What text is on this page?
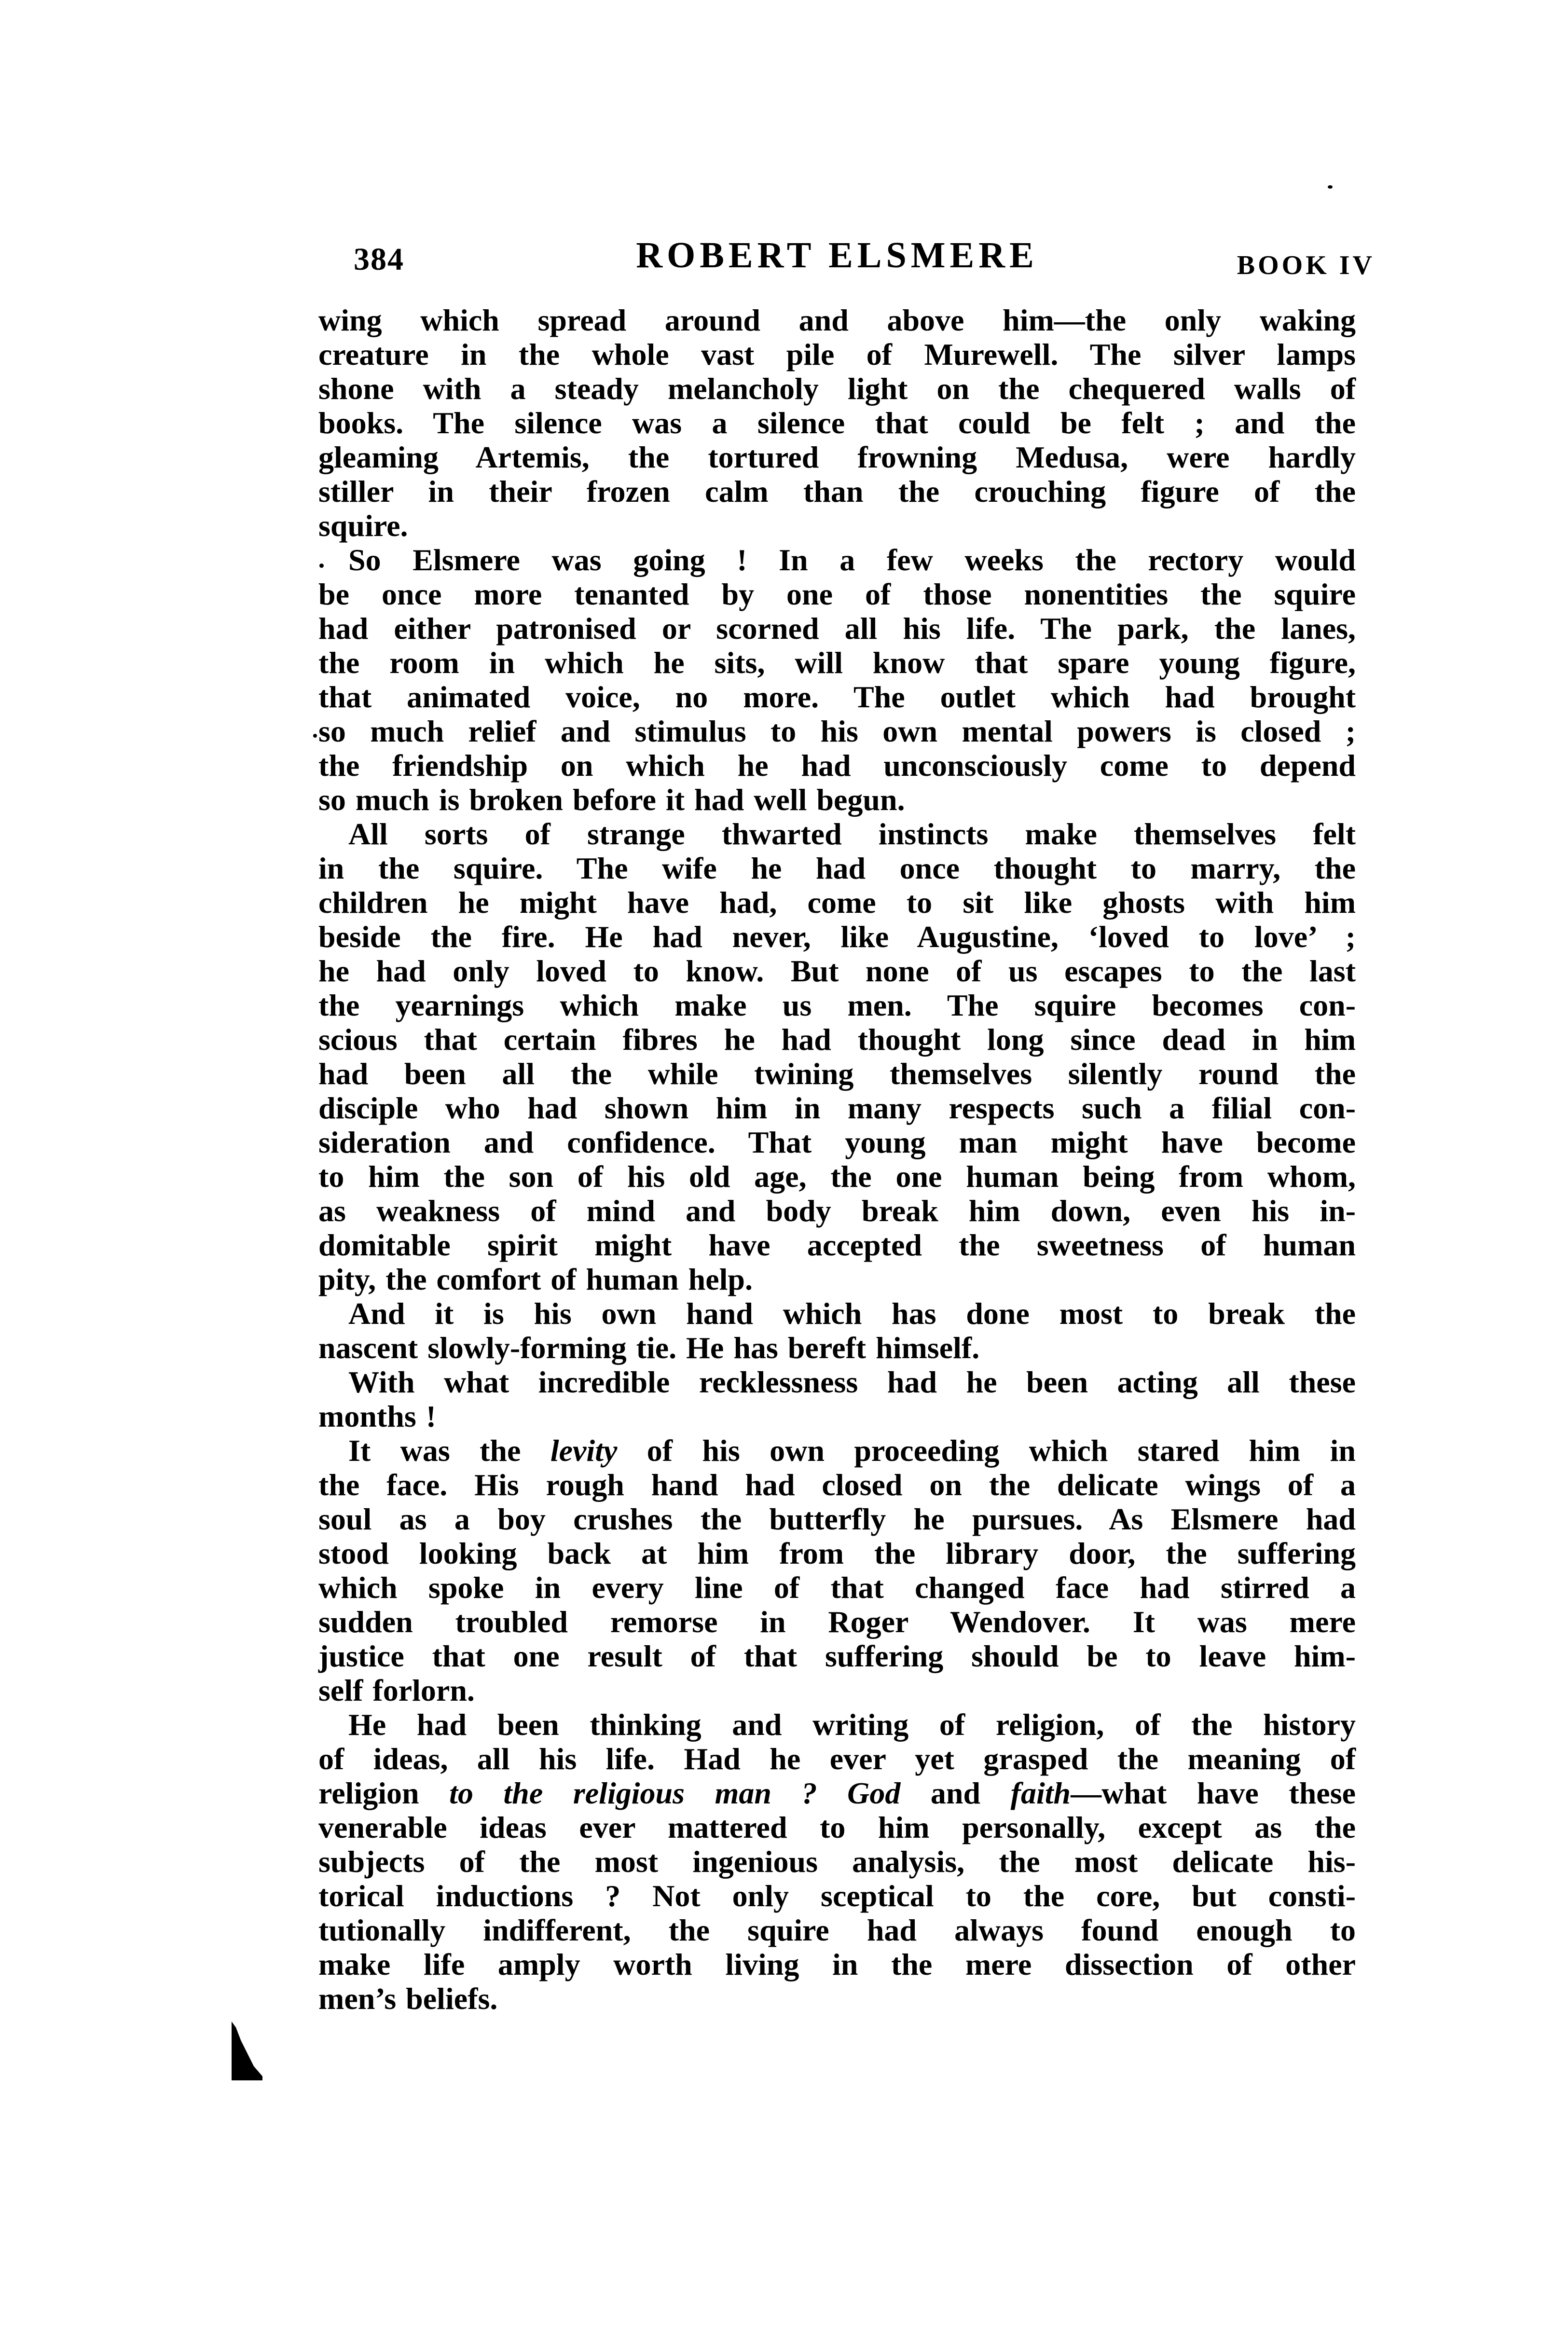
384	ROBERT ELSMERE	BOOK IV
wing which spread around and above him—the only waking
creature in the whole vast pile of Murewell. The silver lamps
shone with a steady melancholy light on the chequered walls of
books. The silence was a silence that could be felt ; and the
gleaming Artemis, the tortured frowning Medusa, were hardly
stiller in their frozen calm than the crouching figure of the
squire.
So Elsmere was going ! In a few weeks the rectory would
be once more tenanted by one of those nonentities the squire
had either patronised or scorned all his life. The park, the lanes,
the room in which he sits, will know that spare young figure,
that animated voice, no more. The outlet which had brought
so much relief and stimulus to his own mental powers is closed ;
the friendship on which he had unconsciously come to depend
so much is broken before it had well begun.
All sorts of strange thwarted instincts make themselves felt
in the squire. The wife he had once thought to marry, the
children he might have had, come to sit like ghosts with him
beside the fire. He had never, like Augustine, ‘loved to love’ ;
he had only loved to know. But none of us escapes to the last
the yearnings which make us men. The squire becomes con-
scious that certain fibres he had thought long since dead in him
had been all the while twining themselves silently round the
disciple who had shown him in many respects such a filial con-
sideration and confidence. That young man might have become
to him the son of his old age, the one human being from whom,
as weakness of mind and body break him down, even his in-
domitable spirit might have accepted the sweetness of human
pity, the comfort of human help.
And it is his own hand which has done most to break the
nascent slowly-forming tie. He has bereft himself.
With what incredible recklessness had he been acting all these
months !
It was the levity of his own proceeding which stared him in
the face. His rough hand had closed on the delicate wings of a
soul as a boy crushes the butterfly he pursues. As Elsmere had
stood looking back at him from the library door, the suffering
which spoke in every line of that changed face had stirred a
sudden troubled remorse in Roger Wendover. It was mere
justice that one result of that suffering should be to leave him-
self forlorn.
He had been thinking and writing of religion, of the history
of ideas, all his life. Had he ever yet grasped the meaning of
religion to the religious man ? God and faith—what have these
venerable ideas ever mattered to him personally, except as the
subjects of the most ingenious analysis, the most delicate his-
torical inductions ? Not only sceptical to the core, but consti-
tutionally indifferent, the squire had always found enough to
make life amply worth living in the mere dissection of other
men’s beliefs.
